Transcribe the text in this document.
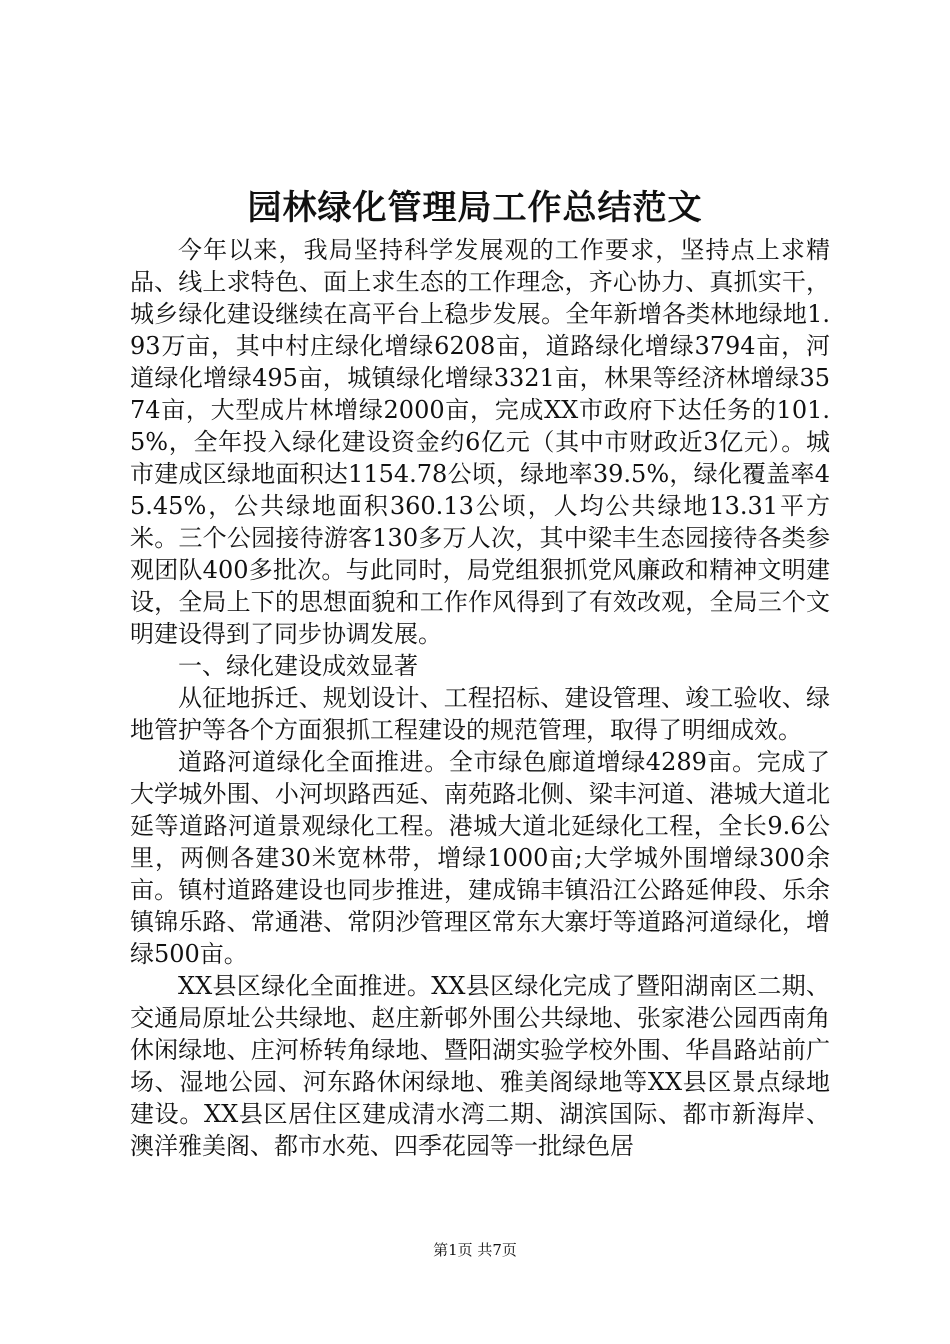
园林绿化管理局工作总结范文

今年以来，我局坚持科学发展观的工作要求，坚持点上求精品、线上求特色、面上求生态的工作理念，齐心协力、真抓实干，城乡绿化建设继续在高平台上稳步发展。全年新增各类林地绿地1.93万亩，其中村庄绿化增绿6208亩，道路绿化增绿3794亩，河道绿化增绿495亩，城镇绿化增绿3321亩，林果等经济林增绿3574亩，大型成片林增绿2000亩，完成XX市政府下达任务的101.5%，全年投入绿化建设资金约6亿元（其中市财政近3亿元）。城市建成区绿地面积达1154.78公顷，绿地率39.5%，绿化覆盖率45.45%，公共绿地面积360.13公顷，人均公共绿地13.31平方米。三个公园接待游客130多万人次，其中梁丰生态园接待各类参观团队400多批次。与此同时，局党组狠抓党风廉政和精神文明建设，全局上下的思想面貌和工作作风得到了有效改观，全局三个文明建设得到了同步协调发展。

一、绿化建设成效显著

从征地拆迁、规划设计、工程招标、建设管理、竣工验收、绿地管护等各个方面狠抓工程建设的规范管理，取得了明细成效。

道路河道绿化全面推进。全市绿色廊道增绿4289亩。完成了大学城外围、小河坝路西延、南苑路北侧、梁丰河道、港城大道北延等道路河道景观绿化工程。港城大道北延绿化工程，全长9.6公里，两侧各建30米宽林带，增绿1000亩;大学城外围增绿300余亩。镇村道路建设也同步推进，建成锦丰镇沿江公路延伸段、乐余镇锦乐路、常通港、常阴沙管理区常东大寨圩等道路河道绿化，增绿500亩。

XX县区绿化全面推进。XX县区绿化完成了暨阳湖南区二期、交通局原址公共绿地、赵庄新邨外围公共绿地、张家港公园西南角休闲绿地、庄河桥转角绿地、暨阳湖实验学校外围、华昌路站前广场、湿地公园、河东路休闲绿地、雅美阁绿地等XX县区景点绿地建设。XX县区居住区建成清水湾二期、湖滨国际、都市新海岸、澳洋雅美阁、都市水苑、四季花园等一批绿色居

第1页 共7页
